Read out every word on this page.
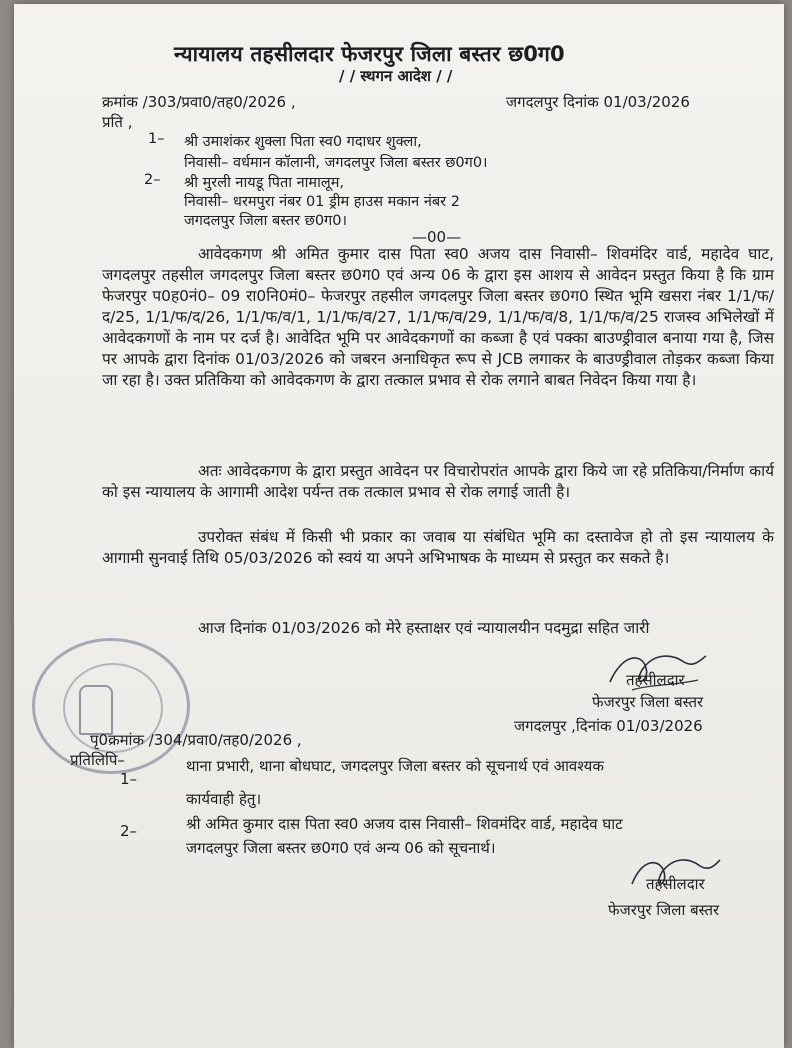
न्यायालय तहसीलदार फेजरपुर जिला बस्तर छ0ग0
/ / स्थगन आदेश / /
क्रमांक /303/प्रवा0/तह0/2026 ,	जगदलपुर दिनांक 01/03/2026
प्रति ,
1– श्री उमाशंकर शुक्ला पिता स्व0 गदाधर शुक्ला,
निवासी– वर्धमान कॉलानी, जगदलपुर जिला बस्तर छ0ग0।
2– श्री मुरली नायडू पिता नामालूम,
निवासी– धरमपुरा नंबर 01 ड्रीम हाउस मकान नंबर 2
जगदलपुर जिला बस्तर छ0ग0।
—00—
आवेदकगण श्री अमित कुमार दास पिता स्व0 अजय दास निवासी– शिवमंदिर वार्ड, महादेव घाट, जगदलपुर तहसील जगदलपुर जिला बस्तर छ0ग0 एवं अन्य 06 के द्वारा इस आशय से आवेदन प्रस्तुत किया है कि ग्राम फेजरपुर प0ह0नं0– 09 रा0नि0मं0– फेजरपुर तहसील जगदलपुर जिला बस्तर छ0ग0 स्थित भूमि खसरा नंबर 1/1/फ/द/25, 1/1/फ/द/26, 1/1/फ/व/1, 1/1/फ/व/27, 1/1/फ/व/29, 1/1/फ/व/8, 1/1/फ/व/25 राजस्व अभिलेखों में आवेदकगणों के नाम पर दर्ज है। आवेदित भूमि पर आवेदकगणों का कब्जा है एवं पक्का बाउण्ड्रीवाल बनाया गया है, जिस पर आपके द्वारा दिनांक 01/03/2026 को जबरन अनाधिकृत रूप से JCB लगाकर के बाउण्ड्रीवाल तोड़कर कब्जा किया जा रहा है। उक्त प्रतिकिया को आवेदकगण के द्वारा तत्काल प्रभाव से रोक लगाने बाबत निवेदन किया गया है।
अतः आवेदकगण के द्वारा प्रस्तुत आवेदन पर विचारोपरांत आपके द्वारा किये जा रहे प्रतिकिया/निर्माण कार्य को इस न्यायालय के आगामी आदेश पर्यन्त तक तत्काल प्रभाव से रोक लगाई जाती है।
उपरोक्त संबंध में किसी भी प्रकार का जवाब या संबंधित भूमि का दस्तावेज हो तो इस न्यायालय के आगामी सुनवाई तिथि 05/03/2026 को स्वयं या अपने अभिभाषक के माध्यम से प्रस्तुत कर सकते है।
आज दिनांक 01/03/2026 को मेरे हस्ताक्षर एवं न्यायालयीन पदमुद्रा सहित जारी
तहसीलदार
फेजरपुर जिला बस्तर
जगदलपुर ,दिनांक 01/03/2026
पृ0क्रमांक /304/प्रवा0/तह0/2026 ,
प्रतिलिपि–
1–
थाना प्रभारी, थाना बोधघाट, जगदलपुर जिला बस्तर को सूचनार्थ एवं आवश्यक
कार्यवाही हेतु।
2–	श्री अमित कुमार दास पिता स्व0 अजय दास निवासी– शिवमंदिर वार्ड, महादेव घाट
जगदलपुर जिला बस्तर छ0ग0 एवं अन्य 06 को सूचनार्थ।
तहसीलदार
फेजरपुर जिला बस्तर
